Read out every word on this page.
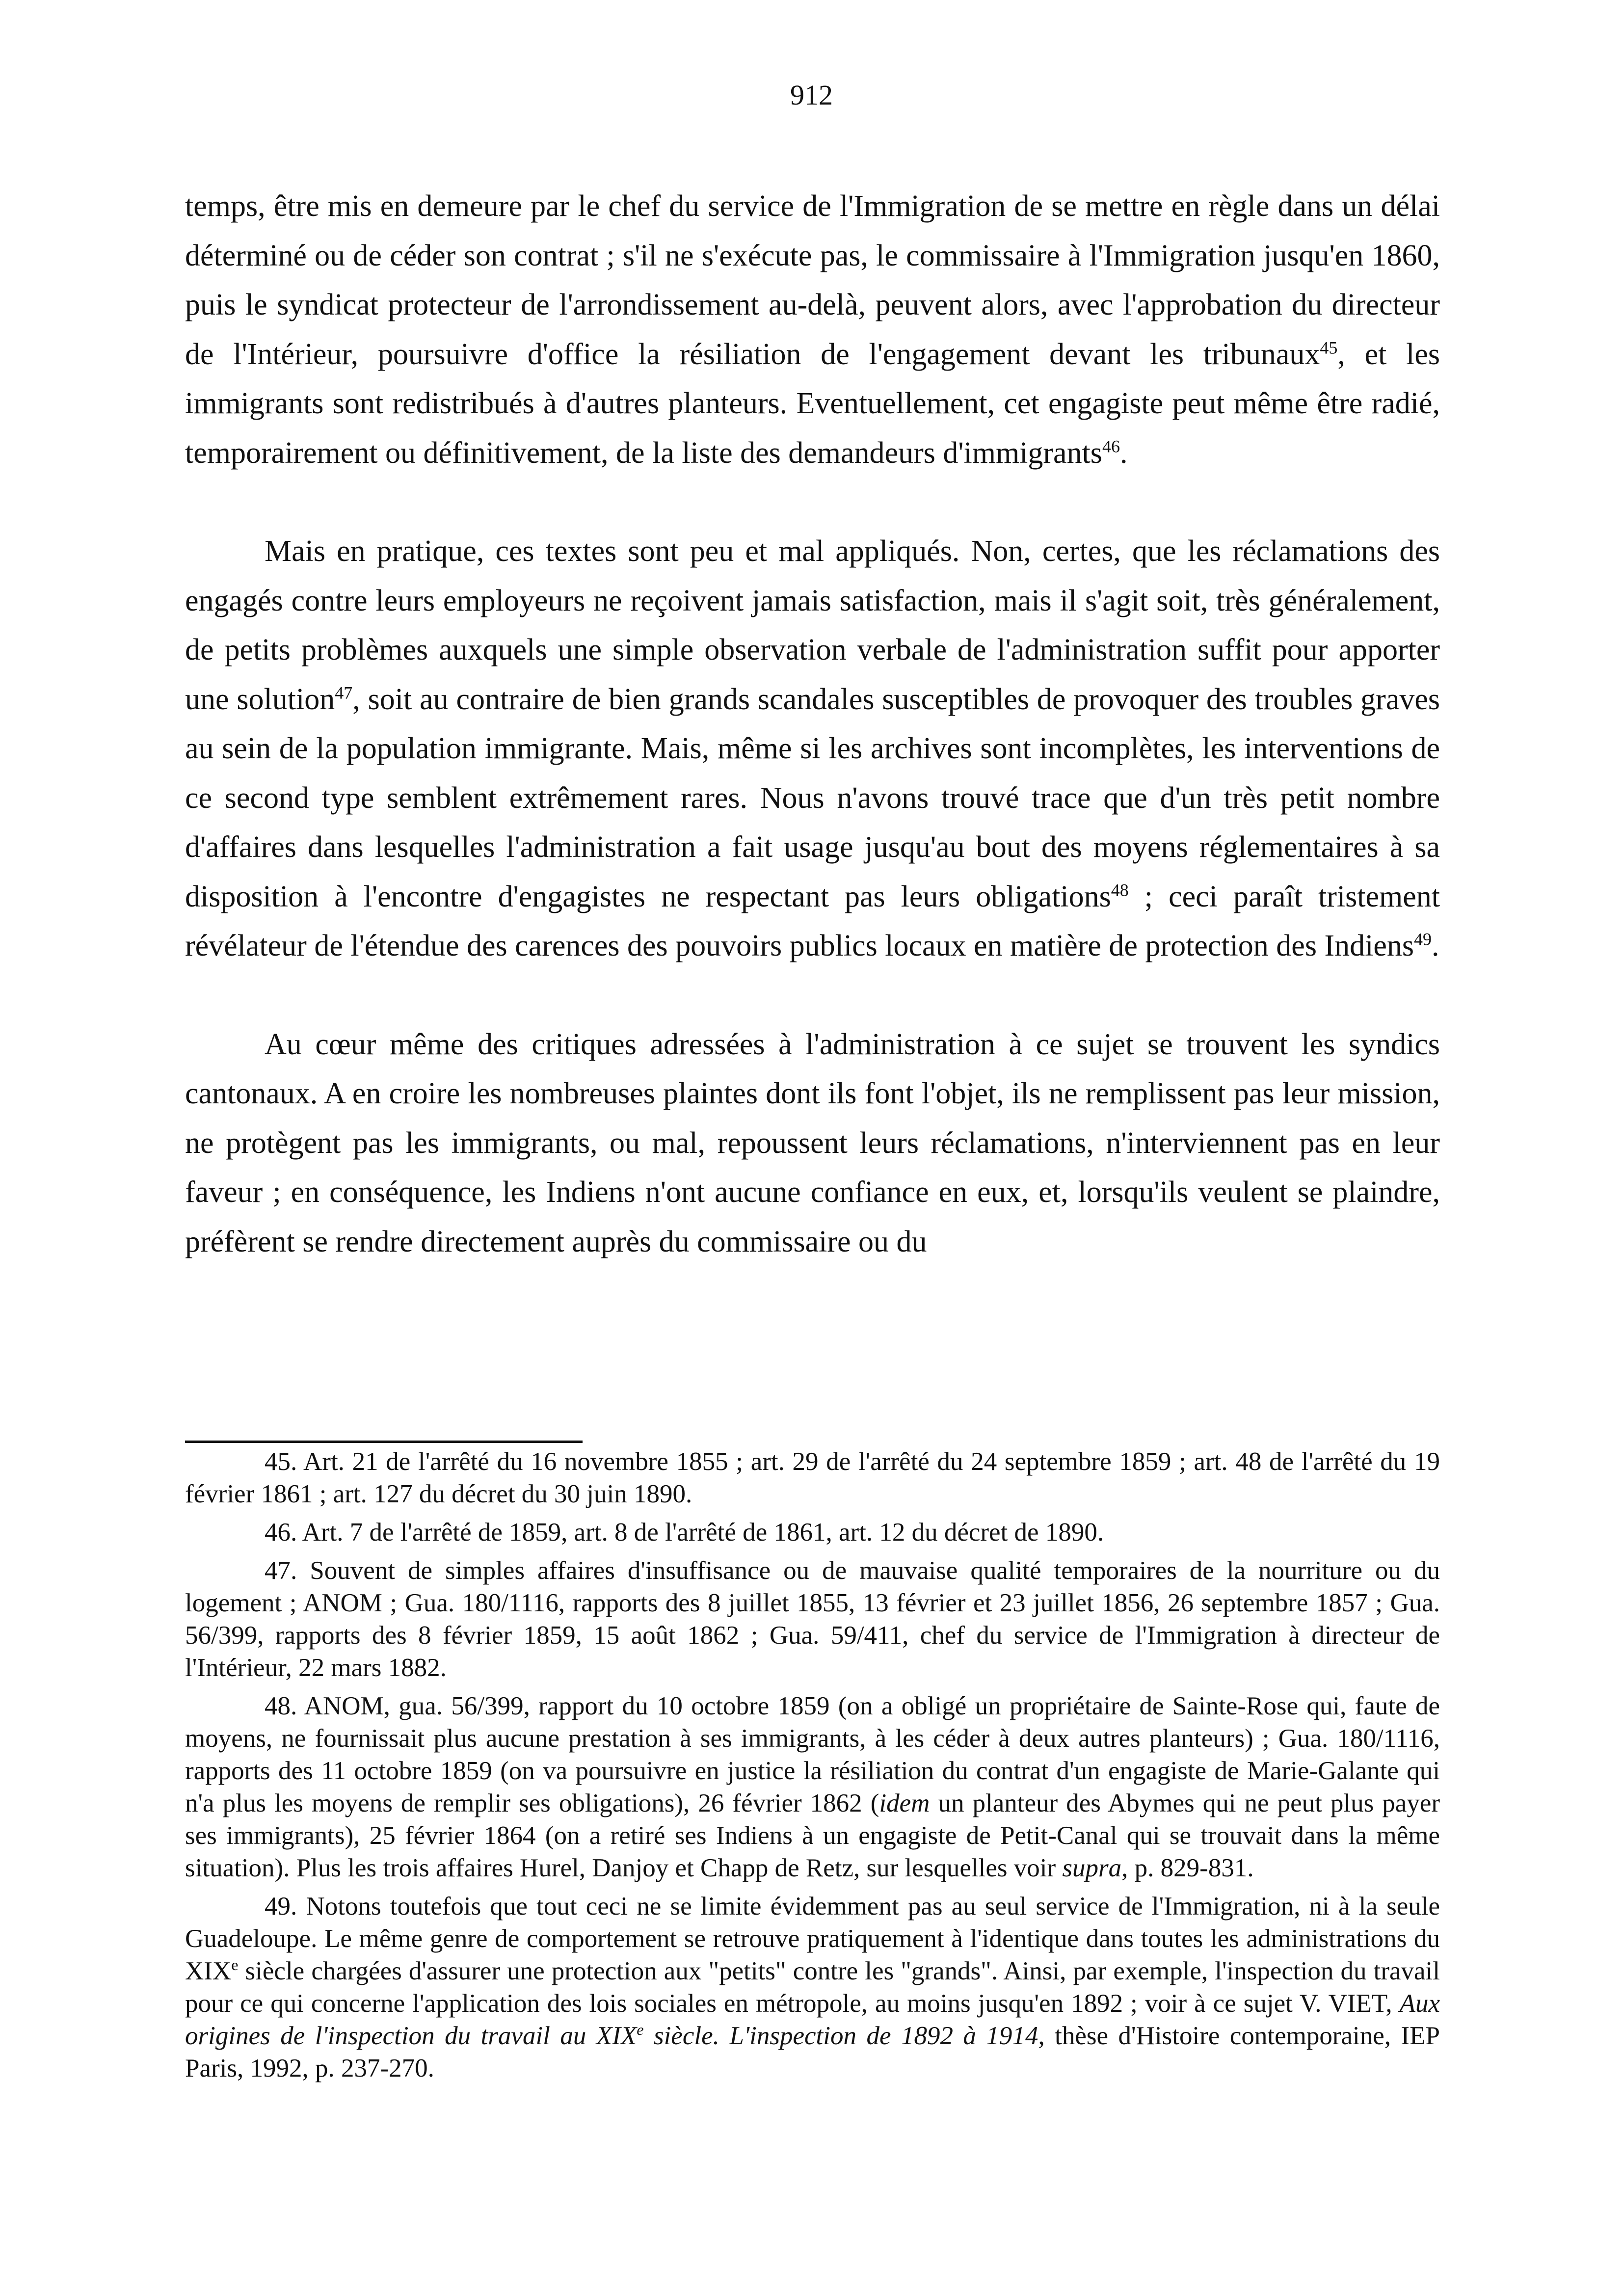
912

temps, être mis en demeure par le chef du service de l'Immigration de se mettre en règle dans un délai déterminé ou de céder son contrat ; s'il ne s'exécute pas, le commissaire à l'Immigration jusqu'en 1860, puis le syndicat protecteur de l'arrondissement au-delà, peuvent alors, avec l'approbation du directeur de l'Intérieur, poursuivre d'office la résiliation de l'engagement devant les tribunaux$^{45}$, et les immigrants sont redistribués à d'autres planteurs. Eventuellement, cet engagiste peut même être radié, temporairement ou définitivement, de la liste des demandeurs d'immigrants$^{46}$.

Mais en pratique, ces textes sont peu et mal appliqués. Non, certes, que les réclamations des engagés contre leurs employeurs ne reçoivent jamais satisfaction, mais il s'agit soit, très généralement, de petits problèmes auxquels une simple observation verbale de l'administration suffit pour apporter une solution$^{47}$, soit au contraire de bien grands scandales susceptibles de provoquer des troubles graves au sein de la population immigrante. Mais, même si les archives sont incomplètes, les interventions de ce second type semblent extrêmement rares. Nous n'avons trouvé trace que d'un très petit nombre d'affaires dans lesquelles l'administration a fait usage jusqu'au bout des moyens réglementaires à sa disposition à l'encontre d'engagistes ne respectant pas leurs obligations$^{48}$ ; ceci paraît tristement révélateur de l'étendue des carences des pouvoirs publics locaux en matière de protection des Indiens$^{49}$.

Au cœur même des critiques adressées à l'administration à ce sujet se trouvent les syndics cantonaux. A en croire les nombreuses plaintes dont ils font l'objet, ils ne remplissent pas leur mission, ne protègent pas les immigrants, ou mal, repoussent leurs réclamations, n'interviennent pas en leur faveur ; en conséquence, les Indiens n'ont aucune confiance en eux, et, lorsqu'ils veulent se plaindre, préfèrent se rendre directement auprès du commissaire ou du

45. Art. 21 de l'arrêté du 16 novembre 1855 ; art. 29 de l'arrêté du 24 septembre 1859 ; art. 48 de l'arrêté du 19 février 1861 ; art. 127 du décret du 30 juin 1890.

46. Art. 7 de l'arrêté de 1859, art. 8 de l'arrêté de 1861, art. 12 du décret de 1890.

47. Souvent de simples affaires d'insuffisance ou de mauvaise qualité temporaires de la nourriture ou du logement ; ANOM ; Gua. 180/1116, rapports des 8 juillet 1855, 13 février et 23 juillet 1856, 26 septembre 1857 ; Gua. 56/399, rapports des 8 février 1859, 15 août 1862 ; Gua. 59/411, chef du service de l'Immigration à directeur de l'Intérieur, 22 mars 1882.

48. ANOM, gua. 56/399, rapport du 10 octobre 1859 (on a obligé un propriétaire de Sainte-Rose qui, faute de moyens, ne fournissait plus aucune prestation à ses immigrants, à les céder à deux autres planteurs) ; Gua. 180/1116, rapports des 11 octobre 1859 (on va poursuivre en justice la résiliation du contrat d'un engagiste de Marie-Galante qui n'a plus les moyens de remplir ses obligations), 26 février 1862 (idem un planteur des Abymes qui ne peut plus payer ses immigrants), 25 février 1864 (on a retiré ses Indiens à un engagiste de Petit-Canal qui se trouvait dans la même situation). Plus les trois affaires Hurel, Danjoy et Chapp de Retz, sur lesquelles voir supra, p. 829-831.

49. Notons toutefois que tout ceci ne se limite évidemment pas au seul service de l'Immigration, ni à la seule Guadeloupe. Le même genre de comportement se retrouve pratiquement à l'identique dans toutes les administrations du XIXe siècle chargées d'assurer une protection aux "petits" contre les "grands". Ainsi, par exemple, l'inspection du travail pour ce qui concerne l'application des lois sociales en métropole, au moins jusqu'en 1892 ; voir à ce sujet V. VIET, Aux origines de l'inspection du travail au XIXe siècle. L'inspection de 1892 à 1914, thèse d'Histoire contemporaine, IEP Paris, 1992, p. 237-270.
